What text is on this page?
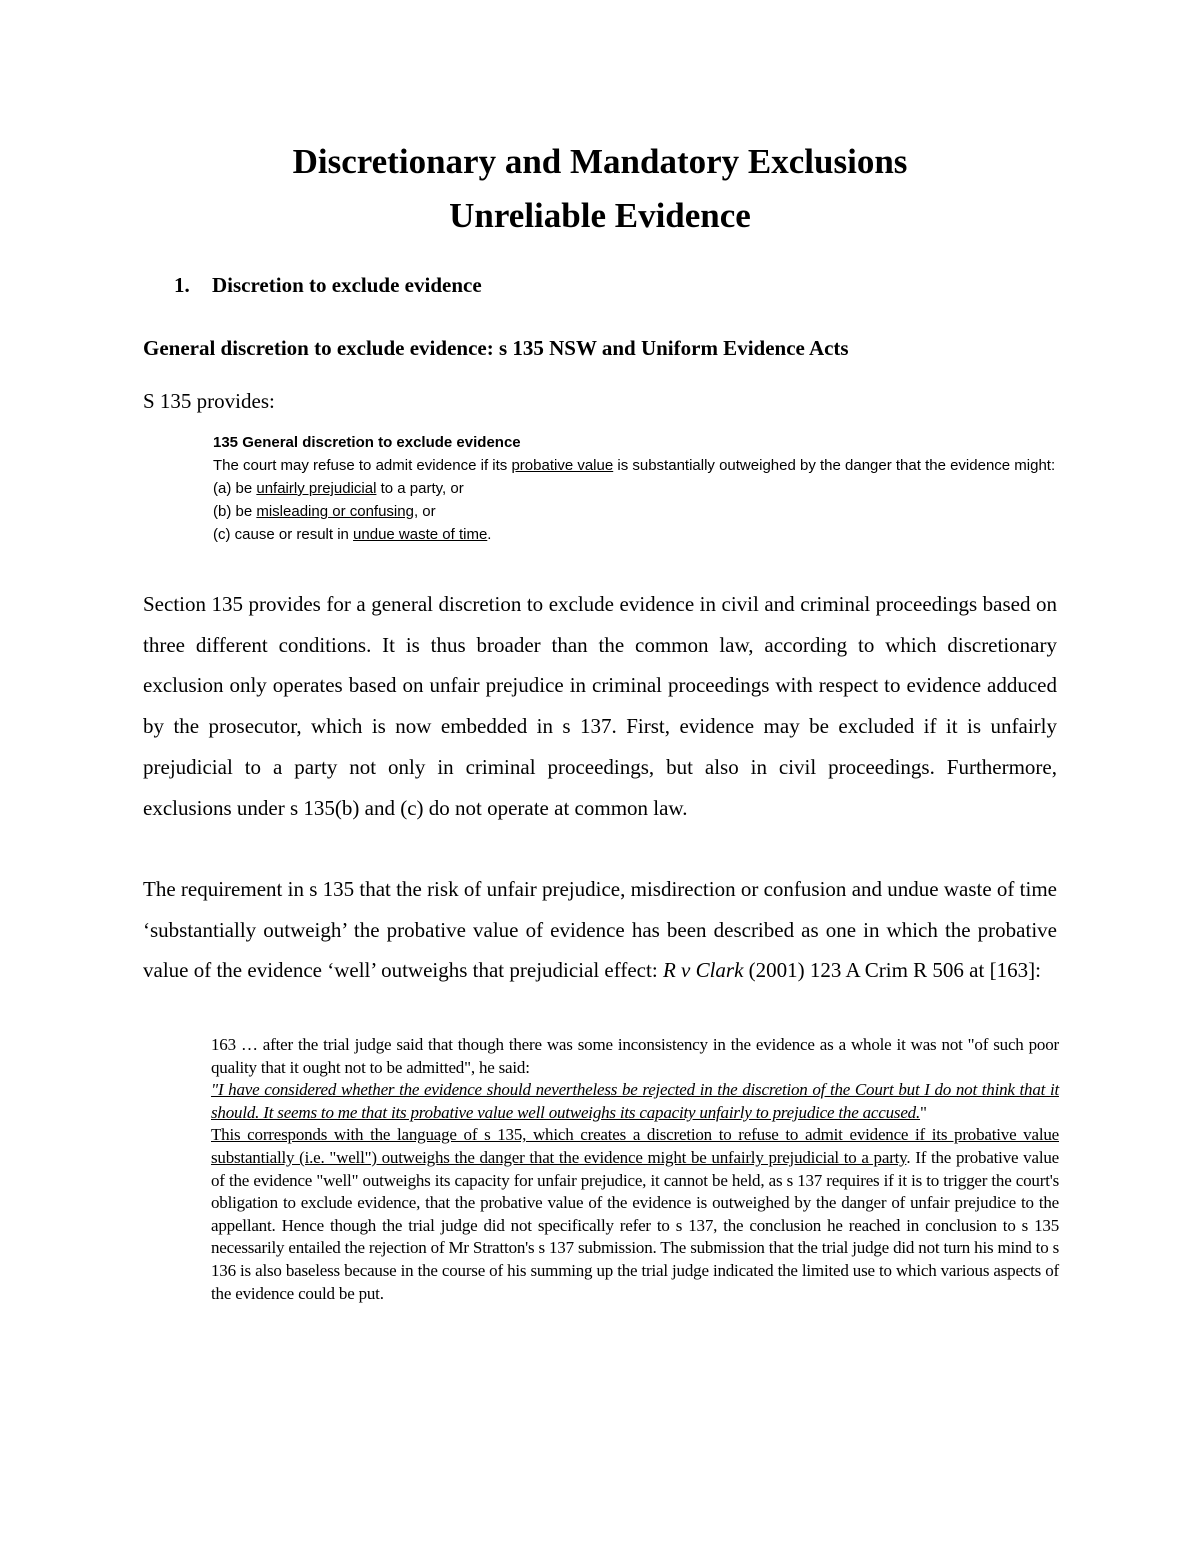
Discretionary and Mandatory Exclusions
Unreliable Evidence
1. Discretion to exclude evidence
General discretion to exclude evidence: s 135 NSW and Uniform Evidence Acts
S 135 provides:
135 General discretion to exclude evidence
The court may refuse to admit evidence if its probative value is substantially outweighed by the danger that the evidence might:
(a) be unfairly prejudicial to a party, or
(b) be misleading or confusing, or
(c) cause or result in undue waste of time.
Section 135 provides for a general discretion to exclude evidence in civil and criminal proceedings based on three different conditions. It is thus broader than the common law, according to which discretionary exclusion only operates based on unfair prejudice in criminal proceedings with respect to evidence adduced by the prosecutor, which is now embedded in s 137. First, evidence may be excluded if it is unfairly prejudicial to a party not only in criminal proceedings, but also in civil proceedings. Furthermore, exclusions under s 135(b) and (c) do not operate at common law.
The requirement in s 135 that the risk of unfair prejudice, misdirection or confusion and undue waste of time ‘substantially outweigh’ the probative value of evidence has been described as one in which the probative value of the evidence ‘well’ outweighs that prejudicial effect: R v Clark (2001) 123 A Crim R 506 at [163]:

163 … after the trial judge said that though there was some inconsistency in the evidence as a whole it was not "of such poor quality that it ought not to be admitted", he said:

"I have considered whether the evidence should nevertheless be rejected in the discretion of the Court but I do not think that it should. It seems to me that its probative value well outweighs its capacity unfairly to prejudice the accused."
This corresponds with the language of s 135, which creates a discretion to refuse to admit evidence if its probative value substantially (i.e. "well") outweighs the danger that the evidence might be unfairly prejudicial to a party. If the probative value of the evidence "well" outweighs its capacity for unfair prejudice, it cannot be held, as s 137 requires if it is to trigger the court's obligation to exclude evidence, that the probative value of the evidence is outweighed by the danger of unfair prejudice to the appellant. Hence though the trial judge did not specifically refer to s 137, the conclusion he reached in conclusion to s 135 necessarily entailed the rejection of Mr Stratton's s 137 submission. The submission that the trial judge did not turn his mind to s 136 is also baseless because in the course of his summing up the trial judge indicated the limited use to which various aspects of the evidence could be put.
